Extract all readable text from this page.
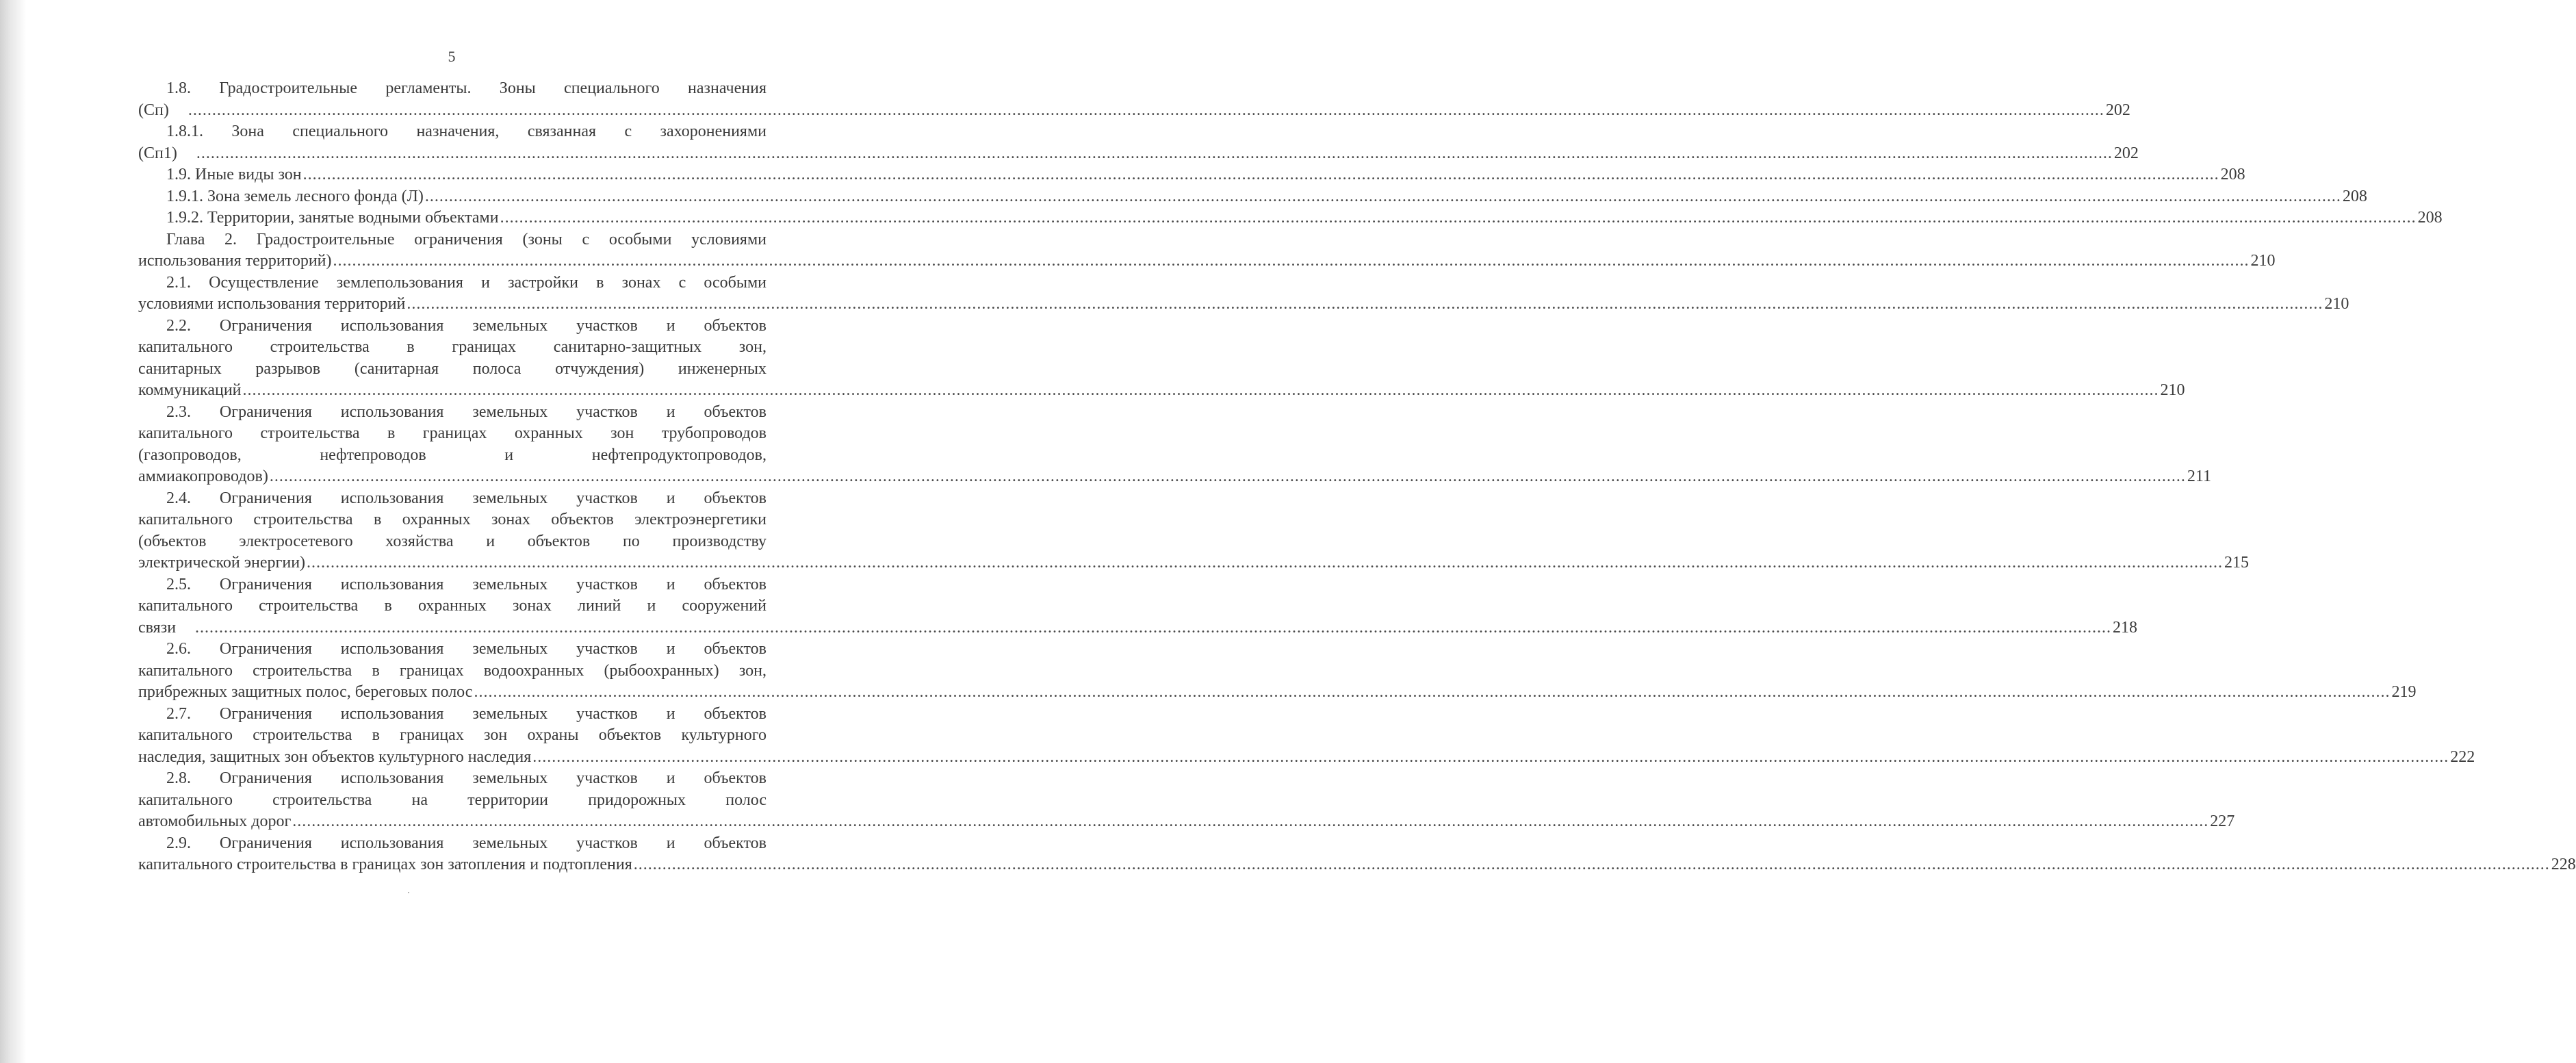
5
1.8. Градостроительные регламенты. Зоны специального назначения
(Сп) ................................................................................................................................................................................................................................................................................................................................................................................................................ 202
1.8.1. Зона специального назначения, связанная с захоронениями
(Сп1) ................................................................................................................................................................................................................................................................................................................................................................................................................ 202
1.9. Иные виды зон ................................................................................................................................................................................................................................................................................................................................................................................................................ 208
1.9.1. Зона земель лесного фонда (Л) ................................................................................................................................................................................................................................................................................................................................................................................................................ 208
1.9.2. Территории, занятые водными объектами ................................................................................................................................................................................................................................................................................................................................................................................................................ 208
Глава 2. Градостроительные ограничения (зоны с особыми условиями
использования территорий) ................................................................................................................................................................................................................................................................................................................................................................................................................ 210
2.1. Осуществление землепользования и застройки в зонах с особыми
условиями использования территорий ................................................................................................................................................................................................................................................................................................................................................................................................................ 210
2.2. Ограничения использования земельных участков и объектов
капитального строительства в границах санитарно-защитных зон,
санитарных разрывов (санитарная полоса отчуждения) инженерных
коммуникаций ................................................................................................................................................................................................................................................................................................................................................................................................................ 210
2.3. Ограничения использования земельных участков и объектов
капитального строительства в границах охранных зон трубопроводов
(газопроводов, нефтепроводов и нефтепродуктопроводов,
аммиакопроводов) ................................................................................................................................................................................................................................................................................................................................................................................................................ 211
2.4. Ограничения использования земельных участков и объектов
капитального строительства в охранных зонах объектов электроэнергетики
(объектов электросетевого хозяйства и объектов по производству
электрической энергии) ................................................................................................................................................................................................................................................................................................................................................................................................................ 215
2.5. Ограничения использования земельных участков и объектов
капитального строительства в охранных зонах линий и сооружений
связи ................................................................................................................................................................................................................................................................................................................................................................................................................ 218
2.6. Ограничения использования земельных участков и объектов
капитального строительства в границах водоохранных (рыбоохранных) зон,
прибрежных защитных полос, береговых полос ................................................................................................................................................................................................................................................................................................................................................................................................................ 219
2.7. Ограничения использования земельных участков и объектов
капитального строительства в границах зон охраны объектов культурного
наследия, защитных зон объектов культурного наследия ................................................................................................................................................................................................................................................................................................................................................................................................................ 222
2.8. Ограничения использования земельных участков и объектов
капитального строительства на территории придорожных полос
автомобильных дорог ................................................................................................................................................................................................................................................................................................................................................................................................................ 227
2.9. Ограничения использования земельных участков и объектов
капитального строительства в границах зон затопления и подтопления ................................................................................................................................................................................................................................................................................................................................................................................................................ 228
